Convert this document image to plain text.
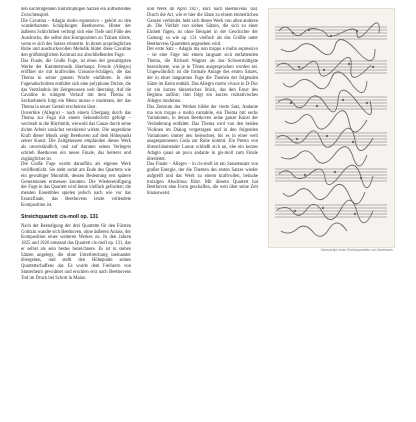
den nachfolgenden fünfstrophigen Sätzen ein aufhellendes Zwischenspiel.

Die Cavatina – Adagio molto espressivo – gehört zu den wunderbarsten Schöpfungen Beethovens. Hinter der äußeren Schlichtheit verbirgt sich eine Tiefe und Fülle des Ausdrucks, die selbst den Komponisten zu Tränen rührte, wenn er sich des Satzes erinnerte. In ihrem ursprünglichen Ruhe und ausdrucksvollen Melodik bildet diese Cavatine den größtmöglichen Kontrast zur abschließenden Fuge.

Das Finale, die Große Fuge, ist eines der gewaltigsten Werke der Kammermusik überhaupt. Freude (Allegro) eröffnet sie mit kraftvollen Unisono-Schlägen, die das Thema in seiner ganzen Wucht einführen. In den Fugenabschnitten entfaltet sich eine polyphone Dichte, die das Verständnis der Zeitgenossen weit überstieg. Auf die Cavatine in ruhigem Verlauf mit dem Thema in Sechzehnteln folgt ein Meno mosso e moderato, der das Thema in neuer Gestalt erscheinen lässt.

Ouvertüre (Allegro) – nach einem Übergang durch das Thema zur Fuga mit einem Sekundschritt gefolgt – wechselt in die Rhythmik; wiewohl das Ganze durch seine dichte Arbeit zunächst verstörend wirkte. Die ungestüme Kraft dieser Musik zeigt Beethoven auf dem Höhepunkt seiner Kunst. Die Zeitgenossen empfanden dieses Werk als unverständlich, und auf Anraten seines Verlegers schrieb Beethoven ein neues Finale, das heiterer und zugänglicher ist.

Die Große Fuge wurde daraufhin als eigenes Werk veröffentlicht. Sie steht somit am Ende des Quartetts wie ein gewaltiger Monolith, dessen Bedeutung erst spätere Generationen ermessen konnten. Die Wiedereinfügung der Fuge in das Quartett wird heute vielfach gefordert; die meisten Ensembles spielen jedoch nach wie vor das Ersatzfinale, das Beethovens letzte vollendete Komposition ist.

Streichquartett cis-moll op. 131

Nach der Beendigung der drei Quartette für den Fürsten Golitzin wandte sich Beethoven, ohne äußeren Anlass, der Komposition eines weiteren Werkes zu. In den Jahren 1825 und 1826 entstand das Quartett cis-moll op. 131, das er selbst als sein bestes bezeichnete. Es ist in sieben Sätzen angelegt, die ohne Unterbrechung ineinander übergehen, und stellt den Höhepunkt seines Quartettschaffens dar. Es wurde dem Freiherrn von Stutterheim gewidmet und erschien erst nach Beethovens Tod im Druck bei Schott in Mainz.

und Werk im April 1827, kurz nach Beethovens Tod. Durch die Art, wie er hier die Sätze zu einem einheitlichen Ganzen verbindet, hebt sich dieses Werk von allen anderen ab. Die Vielfalt von sieben Sätzen, die sich zu einer Einheit fügen, ist ohne Beispiel in der Geschichte der Gattung; so wie op. 131 vielfach als das Größte unter Beethovens Quartetten angesehen wird.

Der erste Satz – Adagio ma non troppo e molto espressivo – ist eine Fuge mit einem langsam sich entfaltenden Thema, die Richard Wagner als das Schwermütigste bezeichnete, was je in Tönen ausgesprochen worden sei. Ungewöhnlich ist die formale Anlage des ersten Satzes, der in einer langsamen Fuge die Themen der folgenden Sätze im Keim enthält. Das Allegro molto vivace in D-Dur ist ein kurzes tänzerisches Stück, das den Ernst des Beginns auflöst; ihm folgt ein kurzes rezitativisches Allegro moderato.

Das Zentrum des Werkes bildet der vierte Satz, Andante ma non troppo e molto cantabile, ein Thema mit sechs Variationen, in denen Beethoven seine ganze Kunst der Veränderung entfaltet. Das Thema wird von den beiden Violinen im Dialog vorgetragen und in den folgenden Variationen immer neu beleuchtet, bis es in einer weit ausgesponnenen Coda zur Ruhe kommt. Ein Presto von überschäumender Laune schließt sich an, ehe ein kurzes Adagio quasi un poco andante in gis-moll zum Finale überleitet.

Das Finale – Allegro – in cis-moll ist ein Sonatensatz von großer Energie, der die Themen des ersten Satzes wieder aufgreift und das Werk zu einem kraftvollen, beinahe trotzigen Abschluss führt. Mit diesem Quartett hat Beethoven eine Form geschaffen, die weit über seine Zeit hinausweist.

Manuskript eines Streichquartetts von Beethoven
